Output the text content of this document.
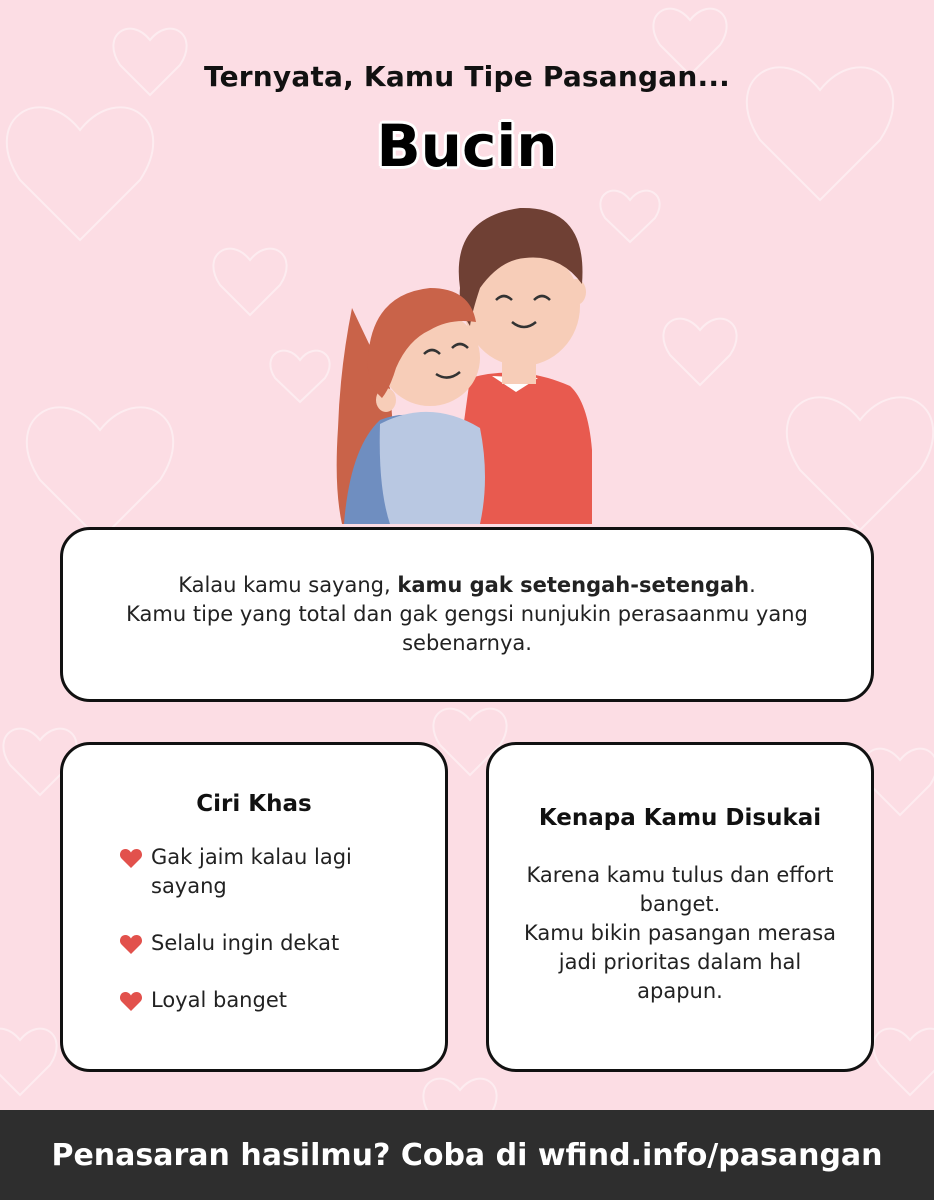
Ternyata, Kamu Tipe Pasangan...
Bucin

Kalau kamu sayang, kamu gak setengah-setengah.
Kamu tipe yang total dan gak gengsi nunjukin perasaanmu yang sebenarnya.

Ciri Khas
Gak jaim kalau lagi sayang
Selalu ingin dekat
Loyal banget
Kenapa Kamu Disukai
Karena kamu tulus dan effort banget.
Kamu bikin pasangan merasa jadi prioritas dalam hal apapun.
Penasaran hasilmu? Coba di wfind.info/pasangan
